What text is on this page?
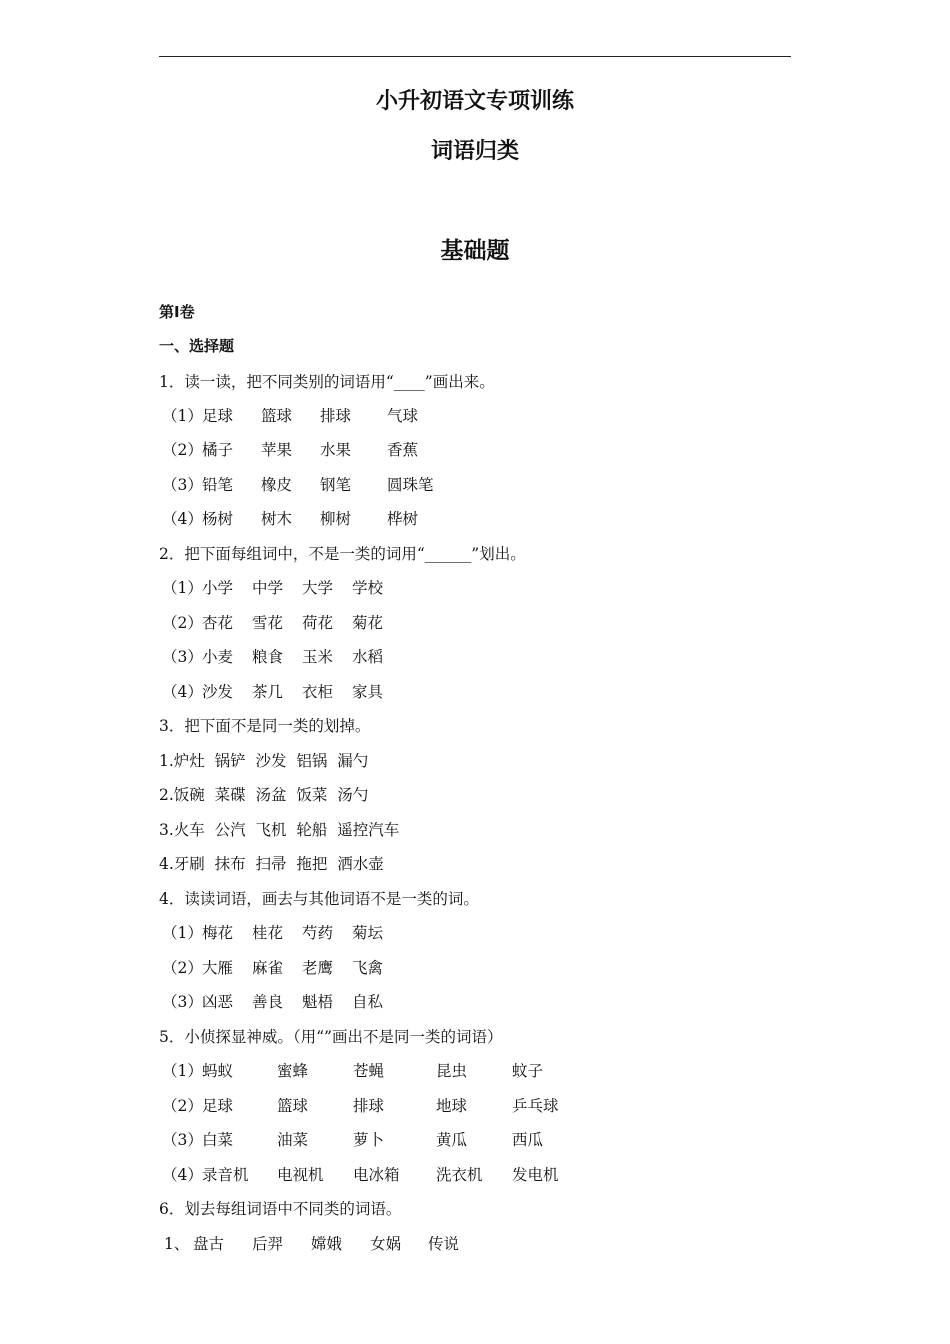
小升初语文专项训练
词语归类
基础题
第Ⅰ卷
一、选择题
1．读一读，把不同类别的词语用“____”画出来。
（1） 足球 篮球 排球 气球
（2） 橘子 苹果 水果 香蕉
（3） 铅笔 橡皮 钢笔 圆珠笔
（4） 杨树 树木 柳树 桦树
2．把下面每组词中，不是一类的词用“______”划出。
（1） 小学 中学 大学 学校
（2） 杏花 雪花 荷花 菊花
（3） 小麦 粮食 玉米 水稻
（4） 沙发 茶几 衣柜 家具
3．把下面不是同一类的划掉。
1.炉灶  锅铲  沙发  铝锅  漏勺
2.饭碗  菜碟  汤盆  饭菜  汤勺
3.火车  公汽  飞机  轮船  遥控汽车
4.牙刷  抹布  扫帚  拖把  洒水壶
4．读读词语，画去与其他词语不是一类的词。
（1） 梅花 桂花 芍药 菊坛
（2） 大雁 麻雀 老鹰 飞禽
（3） 凶恶 善良 魁梧 自私
5．小侦探显神威。（用“”画出不是同一类的词语）
（1） 蚂蚁	蜜蜂	苍蝇	昆虫	蚊子
（2） 足球	篮球	排球	地球	乒乓球
（3） 白菜	油菜	萝卜	黄瓜	西瓜
（4） 录音机 电视机 电冰箱 洗衣机 发电机
6．划去每组词语中不同类的词语。
1、 盘古 后羿 嫦娥 女娲 传说
